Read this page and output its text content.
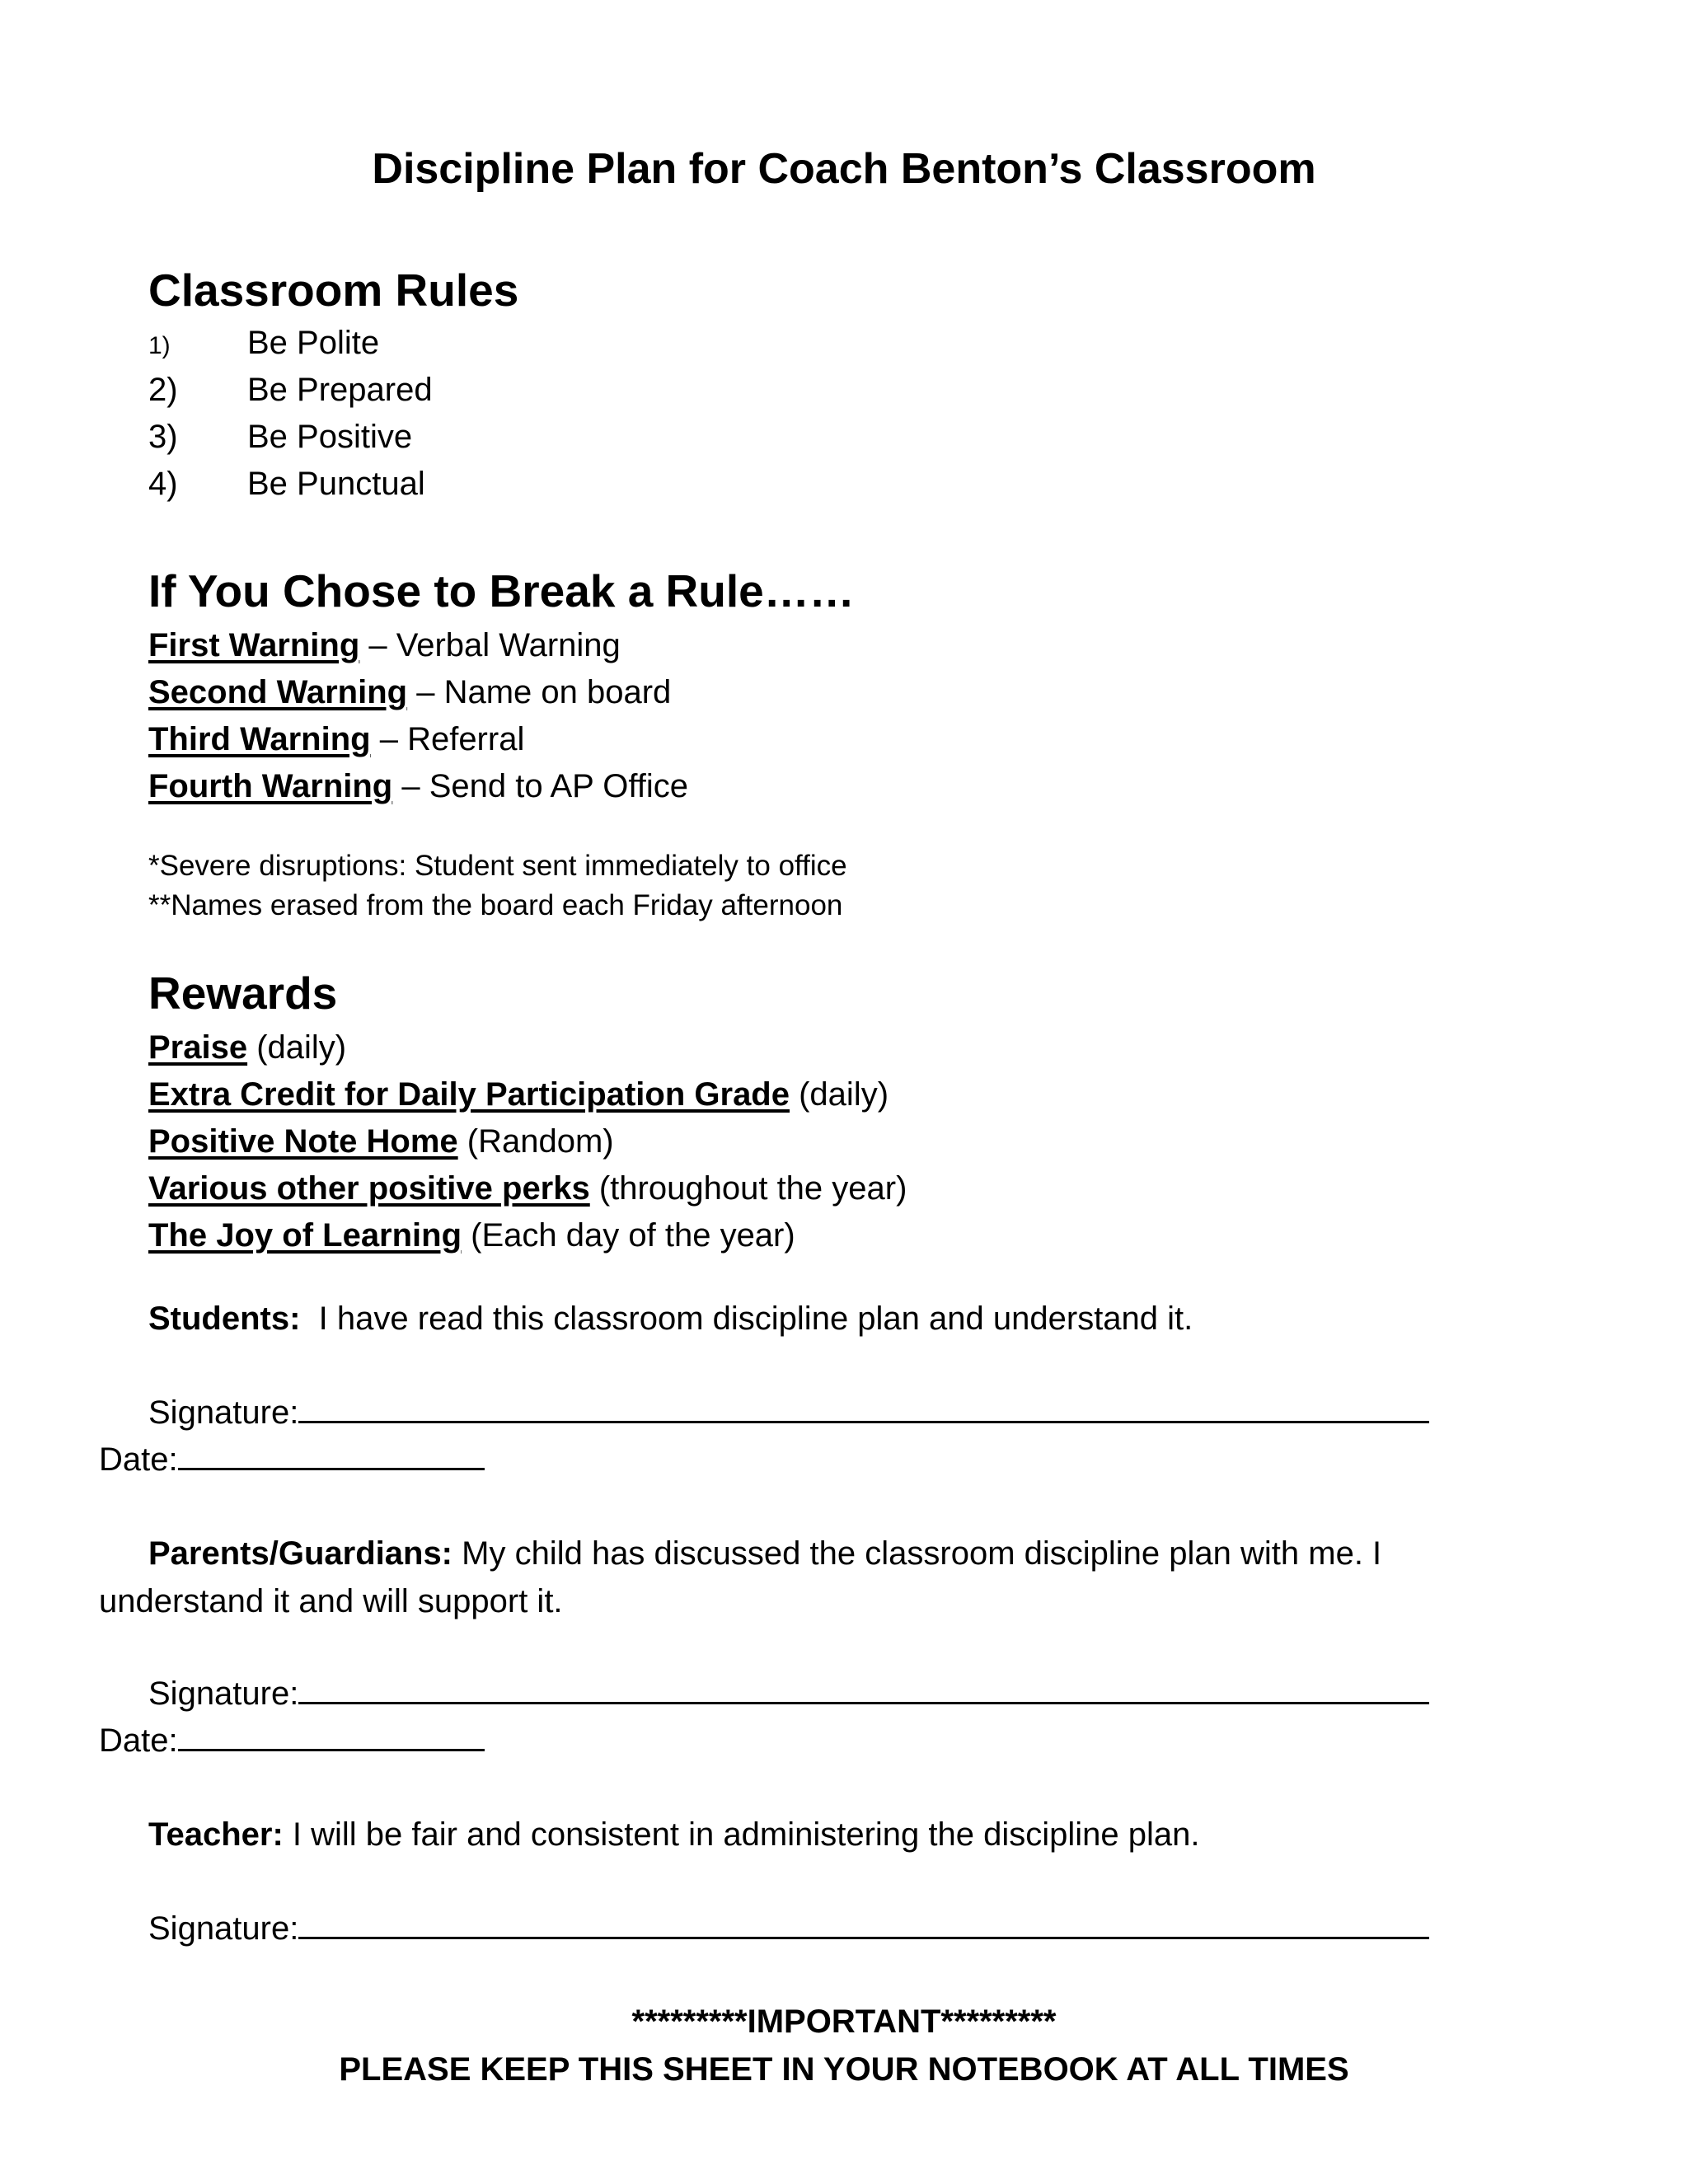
Discipline Plan for Coach Benton’s Classroom
Classroom Rules
1) Be Polite
2) Be Prepared
3) Be Positive
4) Be Punctual
If You Chose to Break a Rule……
First Warning – Verbal Warning
Second Warning – Name on board
Third Warning – Referral
Fourth Warning – Send to AP Office
*Severe disruptions: Student sent immediately to office
**Names erased from the board each Friday afternoon
Rewards
Praise (daily)
Extra Credit for Daily Participation Grade (daily)
Positive Note Home (Random)
Various other positive perks (throughout the year)
The Joy of Learning (Each day of the year)
Students:  I have read this classroom discipline plan and understand it.
Signature:
Date:
Parents/Guardians: My child has discussed the classroom discipline plan with me. I understand it and will support it.
Signature:
Date:
Teacher: I will be fair and consistent in administering the discipline plan.
Signature:
*********IMPORTANT*********
PLEASE KEEP THIS SHEET IN YOUR NOTEBOOK AT ALL TIMES
